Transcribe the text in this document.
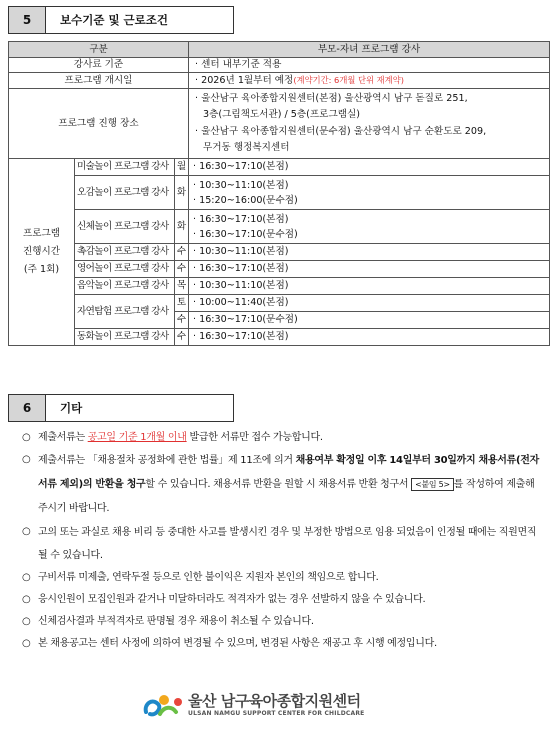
5	보수기준 및 근로조건
구분			부모-자녀 프로그램 강사
강사료 기준			· 센터 내부기준 적용
프로그램 개시일			· 2026년 1월부터 예정(계약기간: 6개월 단위 재계약)
프로그램 진행 장소			· 울산남구 육아종합지원센터(본점) 울산광역시 남구 돋질로 251,
3층(그림책도서관) / 5층(프로그램실)
· 울산남구 육아종합지원센터(문수점) 울산광역시 남구 순환도로 209,
무거동 행정복지센터

프로그램
진행시간
(주 1회)	미술놀이 프로그램 강사	월	· 16:30~17:10(본점)
	오감놀이 프로그램 강사	화	· 10:30~11:10(본점)
· 15:20~16:00(문수점)

	신체놀이 프로그램 강사	화	· 16:30~17:10(본점)
· 16:30~17:10(문수점)

	촉감놀이 프로그램 강사	수	· 10:30~11:10(본점)
	영어놀이 프로그램 강사	수	· 16:30~17:10(본점)
	음악놀이 프로그램 강사	목	· 10:30~11:10(본점)
	자연탐험 프로그램 강사	토	· 10:00~11:40(본점)
		수	· 16:30~17:10(문수점)
	동화놀이 프로그램 강사	수	· 16:30~17:10(본점)
6	기타
○ 제출서류는 공고일 기준 1개월 이내 발급한 서류만 접수 가능합니다.
○ 제출서류는 「채용절차 공정화에 관한 법률」제 11조에 의거 채용여부 확정일 이후 14일부터 30일까지 채용서류(전자서류 제외)의 반환을 청구할 수 있습니다. 채용서류 반환을 원할 시 채용서류 반환 청구서 <붙임 5> 를 작성하여 제출해 주시기 바랍니다.
○ 고의 또는 과실로 채용 비리 등 중대한 사고를 발생시킨 경우 및 부정한 방법으로 임용 되었음이 인정될 때에는 직원면직 될 수 있습니다.
○ 구비서류 미제출, 연락두절 등으로 인한 불이익은 지원자 본인의 책임으로 합니다.
○ 응시인원이 모집인원과 같거나 미달하더라도 적격자가 없는 경우 선발하지 않을 수 있습니다.
○ 신체검사결과 부적격자로 판명될 경우 채용이 취소될 수 있습니다.
○ 본 채용공고는 센터 사정에 의하여 변경될 수 있으며, 변경된 사항은 재공고 후 시행 예정입니다.
울산 남구육아종합지원센터
ULSAN NAMGU SUPPORT CENTER FOR CHILDCARE
